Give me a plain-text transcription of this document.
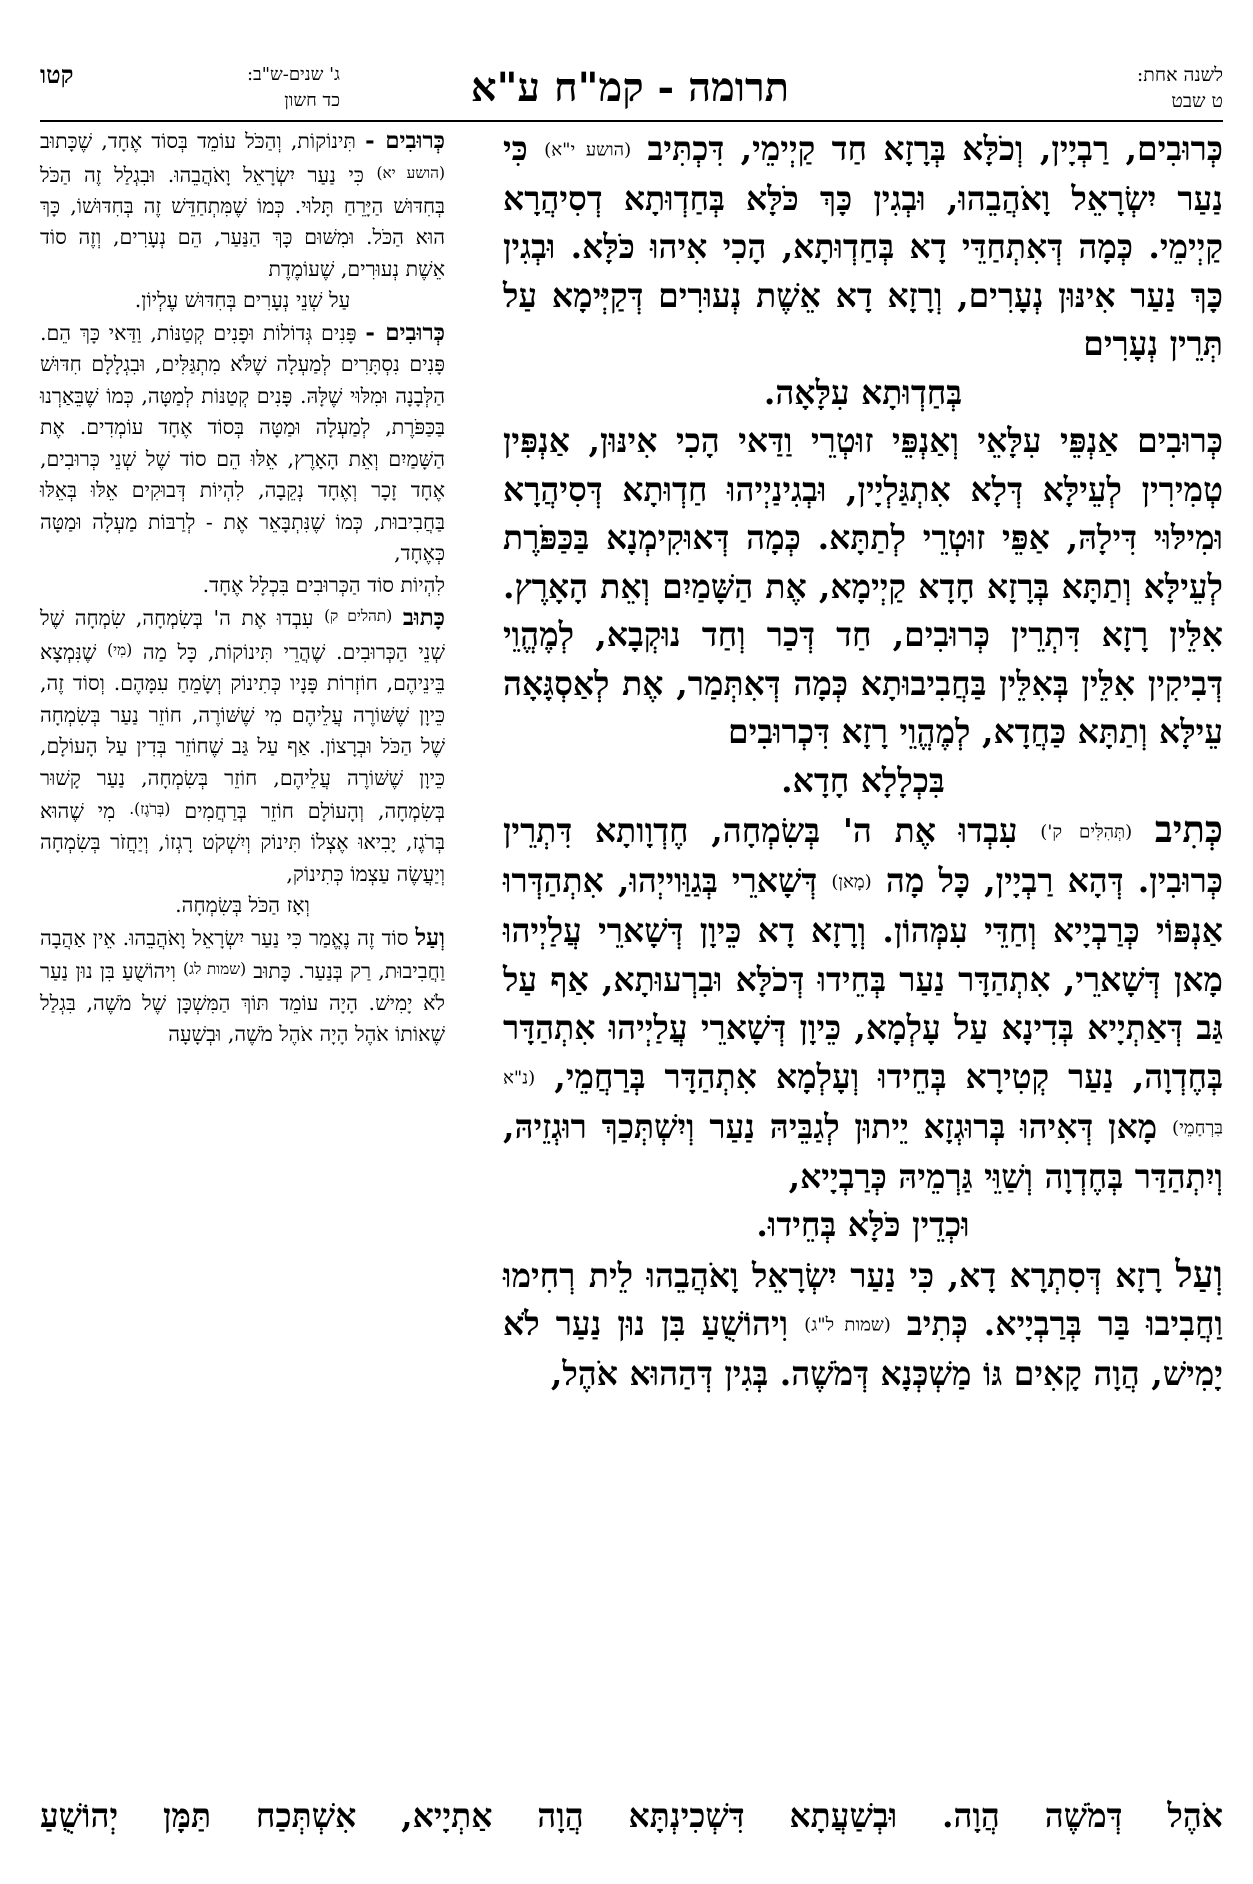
לשנה אחת:
ט שבט
תרומה - קמ"ח ע"א
ג' שנים-ש"ב:
קטו
כד חשון

כְּרוּבִים, רַבְיָין, וְכֹלָּא בְּרָזָא חַד קַיְימֵי, דִּכְתִּיב (הושע י"א) כִּי נַעַר יִשְׂרָאֵל וָאֹהֲבֵהוּ, וּבְגִין כָּךְ כֹּלָּא בְּחַדְוּתָא דְסִיהֲרָא קַיְימֵי. כְּמָה דְּאִתְחַדֵּי דָא בְּחַדְוּתָא, הָכִי אִיהוּ כֹּלָּא. וּבְגִין כָּךְ נַעַר אִינּוּן נְעָרִים, וְרָזָא דָא אֵשֶׁת נְעוּרִים דְּקַיְּימָא עַל תְּרֵין נְעָרִים

בְּחַדְוּתָא עִלָּאָה.

כְּרוּבִים אַנְפֵּי עִלָּאֵי וְאַנְפֵּי זוּטְרֵי וַדַּאי הָכִי אִינּוּן, אַנְפִּין טְמִירִין לְעֵילָּא דְּלָא אִתְגַּלְיָין, וּבְגִינַיְיהוּ חַדְוּתָא דְּסִיהֲרָא וּמִילּוּי דִּילָהּ, אַפֵּי זוּטְרֵי לְתַתָּא. כְּמָה דְּאוּקִימְנָא בַּכַּפֹּרֶת לְעֵילָּא וְתַתָּא בְּרָזָא חָדָא קַיְימָא, אֶת הַשָּׁמַיִם וְאֵת הָאָרֶץ. אִלֵּין רָזָא דִּתְרֵין כְּרוּבִים, חַד דְּכַר וְחַד נוּקְבָא, לְמֶהֱוֵי דְּבִיקִין אִלֵּין בְּאִלֵּין בַּחֲבִיבוּתָא כְּמָה דְּאִתְּמַר, אֶת לְאַסְגָּאָה עֵילָּא וְתַתָּא כַּחֲדָא, לְמֶהֱוֵי רָזָא דִּכְרוּבִים

בִּכְלָלָא חָדָא.

כְּתִיב (תְּהִלִּים ק') עִבְדוּ אֶת ה' בְּשִׂמְחָה, חֶדְוָותָא דִּתְרֵין כְּרוּבִין. דְּהָא רַבְיָין, כָּל מָה (מָאן) דְּשָׁארֵי בְּגַוַּוייְהוּ, אִתְהַדְּרוּ אַנְפּוֹי כְּרַבְיָיא וְחַדֵּי עִמְּהוֹן. וְרָזָא דָא כֵּיוָן דְּשָׁארֵי עֲלַיְיהוּ מָאן דְּשָׁארֵי, אִתְהַדָּר נַעַר בְּחֵידוּ דְּכֹלָּא וּבִרְעוּתָא, אַף עַל גַּב דְּאַתְיָיא בְּדִינָא עַל עָלְמָא, כֵּיוָן דְּשָׁארֵי עֲלַיְיהוּ אִתְהַדָּר בְּחֶדְוָה, נַעַר קְטִירָא בְּחֵידוּ וְעָלְמָא אִתְהַדָּר בְּרַחֲמֵי, (נ"א בִּרְחָמֵי) מָאן דְּאִיהוּ בְּרוּגְזָא יֵיתוּן לְגַבֵּיהּ נַעַר וְיִשְׁתְּכַךְ רוּגְזֵיהּ, וְיִתְהַדַּר בְּחֶדְוָה וְשַׁוֵּי גַּרְמֵיהּ כְּרַבְיָיא,

וּכְדֵין כֹּלָּא בְּחֵידוּ.

וְעַל רָזָא דְּסִתְרָא דָא, כִּי נַעַר יִשְׂרָאֵל וָאֹהֲבֵהוּ לֵית רְחִימוּ וַחֲבִיבוּ בַּר בְּרַבְיָיא. כְּתִיב (שמות ל"ג) וִיהוֹשֻׁעַ בִּן נוּן נַעַר לֹא יָמִישׁ, הֲוָה קָאִים גּוֹ מַשְׁכְּנָא דְּמֹשֶׁה. בְּגִין דְּהַהוּא אֹהֶל,

כְּרוּבִים - תִּינוֹקוֹת, וְהַכֹּל עוֹמֵד בְּסוֹד אֶחָד, שֶׁכָּתוּב (הושע יא) כִּי נַעַר יִשְׂרָאֵל וָאֹהֲבֵהוּ. וּבִגְלַל זֶה הַכֹּל בְּחִדּוּשׁ הַיָּרֵחַ תָּלוּי. כְּמוֹ שֶׁמִּתְחַדֵּשׁ זֶה בְּחִדּוּשׁוֹ, כָּךְ הוּא הַכֹּל. וּמִשּׁוּם כָּךְ הַנַּעַר, הֵם נְעָרִים, וְזֶה סוֹד אֵשֶׁת נְעוּרִים, שֶׁעוֹמֶדֶת

עַל שְׁנֵי נְעָרִים בְּחִדּוּשׁ עֶלְיוֹן.

כְּרוּבִים - פָּנִים גְּדוֹלוֹת וּפָנִים קְטַנּוֹת, וַדַּאי כָּךְ הֵם. פָּנִים נִסְתָּרִים לְמַעְלָה שֶׁלֹּא מִתְגַּלִּים, וּבִגְלָלָם חִדּוּשׁ הַלְּבָנָה וּמִלּוּי שֶׁלָּהּ. פָּנִים קְטַנּוֹת לְמַטָּה, כְּמוֹ שֶׁבֵּאַרְנוּ בַּכַּפֹּרֶת, לְמַעְלָה וּמַטָּה בְּסוֹד אֶחָד עוֹמְדִים. אֶת הַשָּׁמַיִם וְאֵת הָאָרֶץ, אֵלּוּ הֵם סוֹד שֶׁל שְׁנֵי כְּרוּבִים, אֶחָד זָכָר וְאֶחָד נְקֵבָה, לִהְיוֹת דְּבוּקִים אֵלּוּ בְּאֵלּוּ בַּחֲבִיבוּת, כְּמוֹ שֶׁנִּתְבָּאֵר אֶת - לְרַבּוֹת מַעְלָה וּמַטָּה כְּאֶחָד,

לִהְיוֹת סוֹד הַכְּרוּבִים בִּכְלָל אֶחָד.

כָּתוּב (תהלים ק) עִבְדוּ אֶת ה' בְּשִׂמְחָה, שִׂמְחָה שֶׁל שְׁנֵי הַכְּרוּבִים. שֶׁהֲרֵי תִּינוֹקוֹת, כָּל מַה (מִי) שֶׁנִּמְצָא בֵּינֵיהֶם, חוֹזְרוֹת פָּנָיו כְּתִינוֹק וְשָׂמֵחַ עִמָּהֶם. וְסוֹד זֶה, כֵּיוָן שֶׁשּׁוֹרֶה עֲלֵיהֶם מִי שֶׁשּׁוֹרֶה, חוֹזֵר נַעַר בְּשִׂמְחָה שֶׁל הַכֹּל וּבְרָצוֹן. אַף עַל גַּב שֶׁחוֹזֵר בְּדִין עַל הָעוֹלָם, כֵּיוָן שֶׁשּׁוֹרֶה עֲלֵיהֶם, חוֹזֵר בְּשִׂמְחָה, נַעַר קָשׁוּר בְּשִׂמְחָה, וְהָעוֹלָם חוֹזֵר בְּרַחֲמִים (בְּרֹגֶז). מִי שֶׁהוּא בְּרֹגֶז, יָבִיאוּ אֶצְלוֹ תִּינוֹק וְיִשְׁקֹט רָגְזוֹ, וְיַחֲזֹר בְּשִׂמְחָה וְיַעֲשֶׂה עַצְמוֹ כְּתִינוֹק,

וְאָז הַכֹּל בְּשִׂמְחָה.

וְעַל סוֹד זֶה נֶאֱמַר כִּי נַעַר יִשְׂרָאֵל וָאֹהֲבֵהוּ. אֵין אַהֲבָה וַחֲבִיבוּת, רַק בְּנַעַר. כָּתוּב (שמות לג) וִיהוֹשֻׁעַ בִּן נוּן נַעַר לֹא יָמִישׁ. הָיָה עוֹמֵד תּוֹךְ הַמִּשְׁכָּן שֶׁל מֹשֶׁה, בִּגְלַל שֶׁאוֹתוֹ אֹהֶל הָיָה אֹהֶל מֹשֶׁה, וּבְשָׁעָה

אֹהֶל דְּמֹשֶׁה הֲוָה. וּבְשַׁעֲתָא דִּשְׁכִינְתָּא הֲוָה אַתְיָיא, אִשְׁתְּכַח תַּמָּן יְהוֹשֻׁעַ
